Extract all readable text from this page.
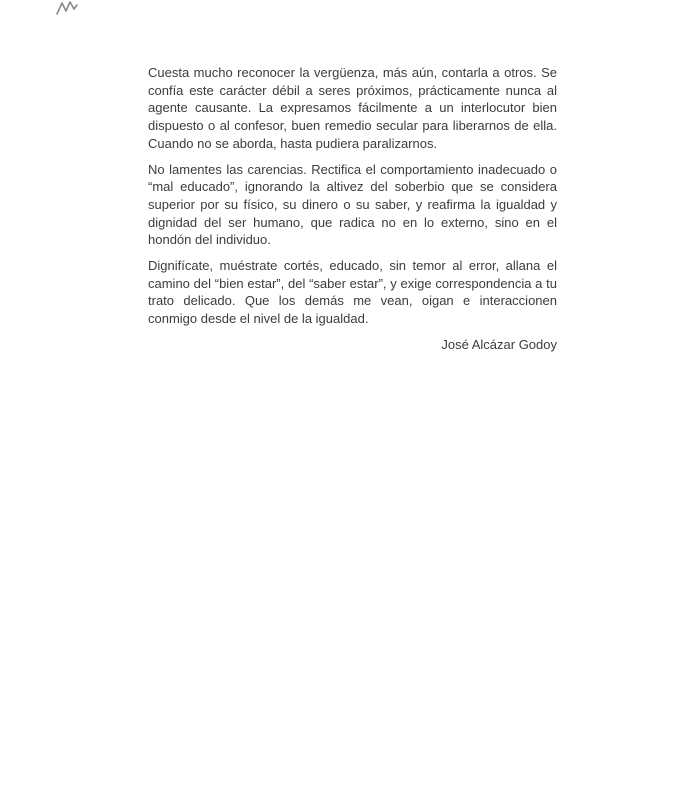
Cuesta mucho reconocer la vergüenza, más aún, contarla a otros. Se confía este carácter débil a seres próximos, prácticamente nunca al agente causante. La expresamos fácilmente a un interlocutor bien dispuesto o al confesor, buen remedio secular para liberarnos de ella. Cuando no se aborda, hasta pudiera paralizarnos.

No lamentes las carencias. Rectifica el comportamiento inadecuado o “mal educado”, ignorando la altivez del soberbio que se considera superior por su físico, su dinero o su saber, y reafirma la igualdad y dignidad del ser humano, que radica no en lo externo, sino en el hondón del individuo.

Dignifícate, muéstrate cortés, educado, sin temor al error, allana el camino del “bien estar”, del “saber estar”, y exige correspondencia a tu trato delicado. Que los demás me vean, oigan e interaccionen conmigo desde el nivel de la igualdad.

José Alcázar Godoy
